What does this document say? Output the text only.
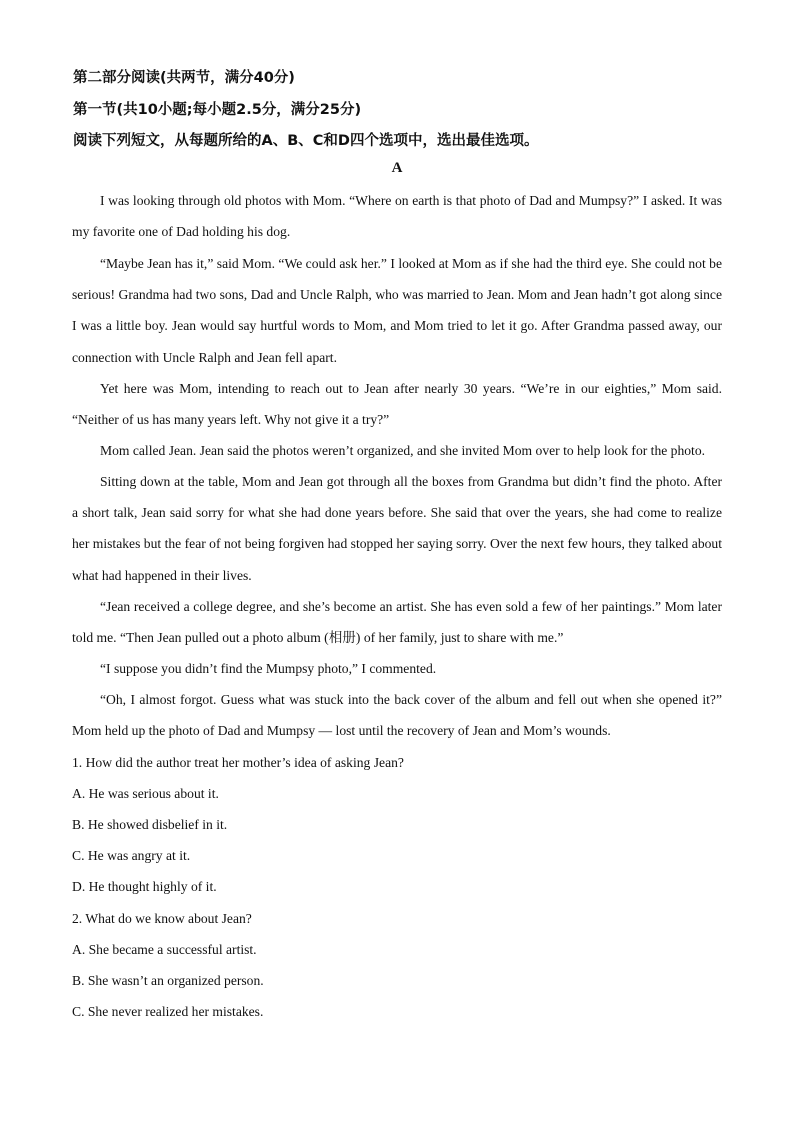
第二部分阅读(共两节，满分40分)
第一节(共10小题;每小题2.5分，满分25分)
阅读下列短文，从每题所给的A、B、C和D四个选项中，选出最佳选项。
A

I was looking through old photos with Mom. “Where on earth is that photo of Dad and Mumpsy?” I asked. It was my favorite one of Dad holding his dog.

“Maybe Jean has it,” said Mom. “We could ask her.” I looked at Mom as if she had the third eye. She could not be serious! Grandma had two sons, Dad and Uncle Ralph, who was married to Jean. Mom and Jean hadn’t got along since I was a little boy. Jean would say hurtful words to Mom, and Mom tried to let it go. After Grandma passed away, our connection with Uncle Ralph and Jean fell apart.

Yet here was Mom, intending to reach out to Jean after nearly 30 years. “We’re in our eighties,” Mom said. “Neither of us has many years left. Why not give it a try?”

Mom called Jean. Jean said the photos weren’t organized, and she invited Mom over to help look for the photo.

Sitting down at the table, Mom and Jean got through all the boxes from Grandma but didn’t find the photo. After a short talk, Jean said sorry for what she had done years before. She said that over the years, she had come to realize her mistakes but the fear of not being forgiven had stopped her saying sorry. Over the next few hours, they talked about what had happened in their lives.

“Jean received a college degree, and she’s become an artist. She has even sold a few of her paintings.” Mom later told me. “Then Jean pulled out a photo album (相册) of her family, just to share with me.”

“I suppose you didn’t find the Mumpsy photo,” I commented.

“Oh, I almost forgot. Guess what was stuck into the back cover of the album and fell out when she opened it?” Mom held up the photo of Dad and Mumpsy — lost until the recovery of Jean and Mom’s wounds.

1. How did the author treat her mother’s idea of asking Jean?
A. He was serious about it.
B. He showed disbelief in it.
C. He was angry at it.
D. He thought highly of it.
2. What do we know about Jean?
A. She became a successful artist.
B. She wasn’t an organized person.
C. She never realized her mistakes.
